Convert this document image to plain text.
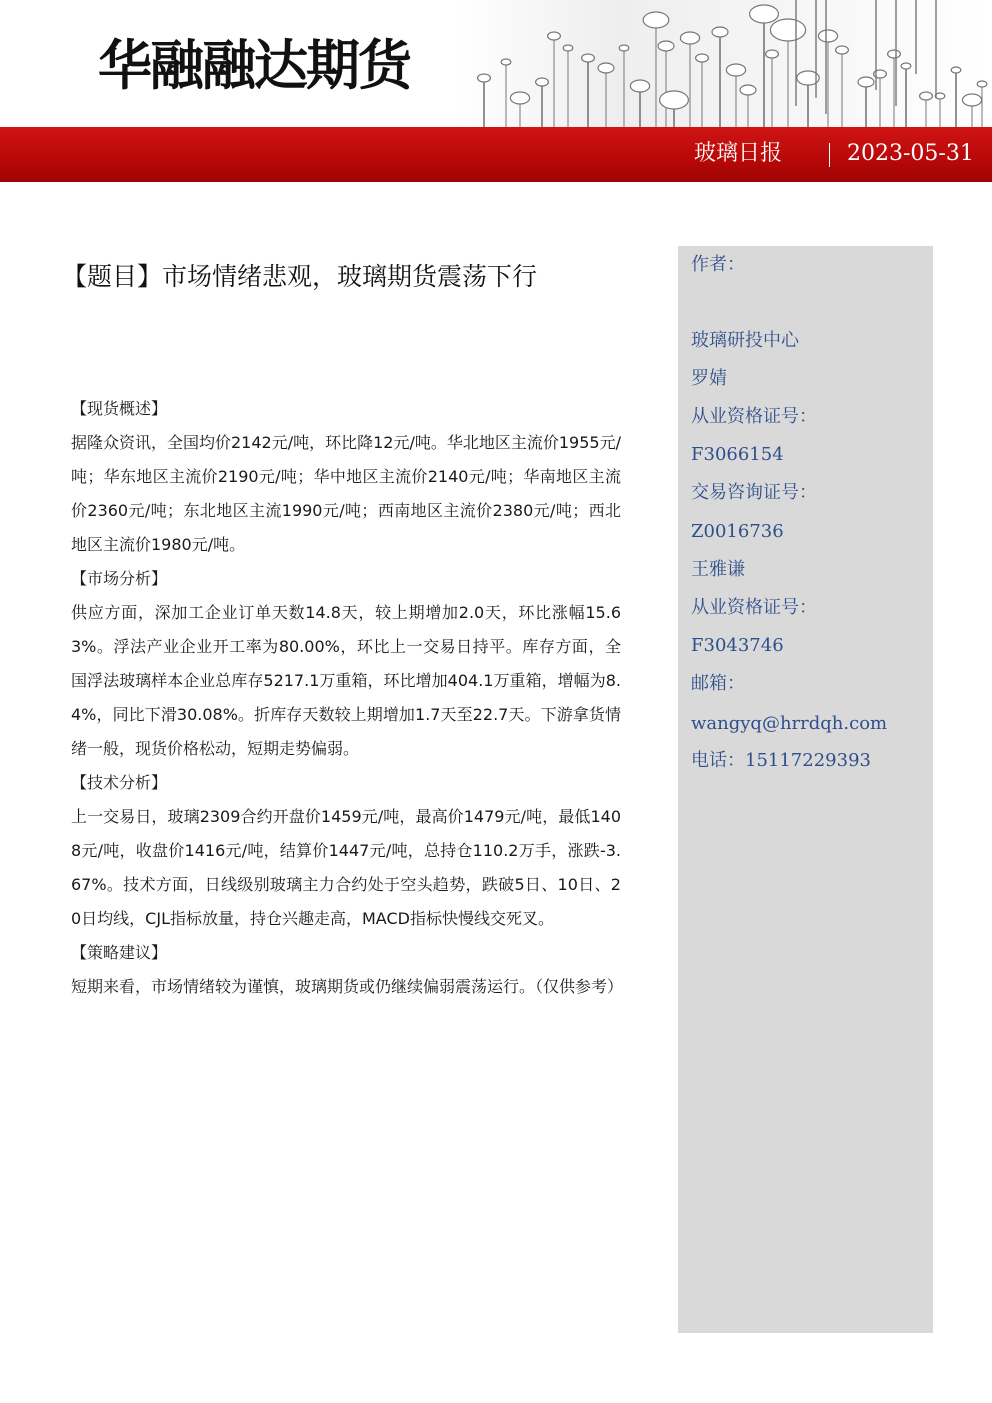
华融融达期货
玻璃日报	2023-05-31
【题目】市场情绪悲观，玻璃期货震荡下行
【现货概述】

据隆众资讯，全国均价2142元/吨，环比降12元/吨。华北地区主流价1955元/吨；华东地区主流价2190元/吨；华中地区主流价2140元/吨；华南地区主流价2360元/吨；东北地区主流1990元/吨；西南地区主流价2380元/吨；西北地区主流价1980元/吨。

【市场分析】

供应方面，深加工企业订单天数14.8天，较上期增加2.0天，环比涨幅15.63%。浮法产业企业开工率为80.00%，环比上一交易日持平。库存方面，全国浮法玻璃样本企业总库存5217.1万重箱，环比增加404.1万重箱，增幅为8.4%，同比下滑30.08%。折库存天数较上期增加1.7天至22.7天。下游拿货情绪一般，现货价格松动，短期走势偏弱。

【技术分析】

上一交易日，玻璃2309合约开盘价1459元/吨，最高价1479元/吨，最低1408元/吨，收盘价1416元/吨，结算价1447元/吨，总持仓110.2万手，涨跌-3.67%。技术方面，日线级别玻璃主力合约处于空头趋势，跌破5日、10日、20日均线，CJL指标放量，持仓兴趣走高，MACD指标快慢线交死叉。

【策略建议】

短期来看，市场情绪较为谨慎，玻璃期货或仍继续偏弱震荡运行。（仅供参考）

作者：
玻璃研投中心
罗婧
从业资格证号：
F3066154
交易咨询证号：
Z0016736
王雅谦
从业资格证号：
F3043746
邮箱：
wangyq@hrrdqh.com
电话：15117229393
